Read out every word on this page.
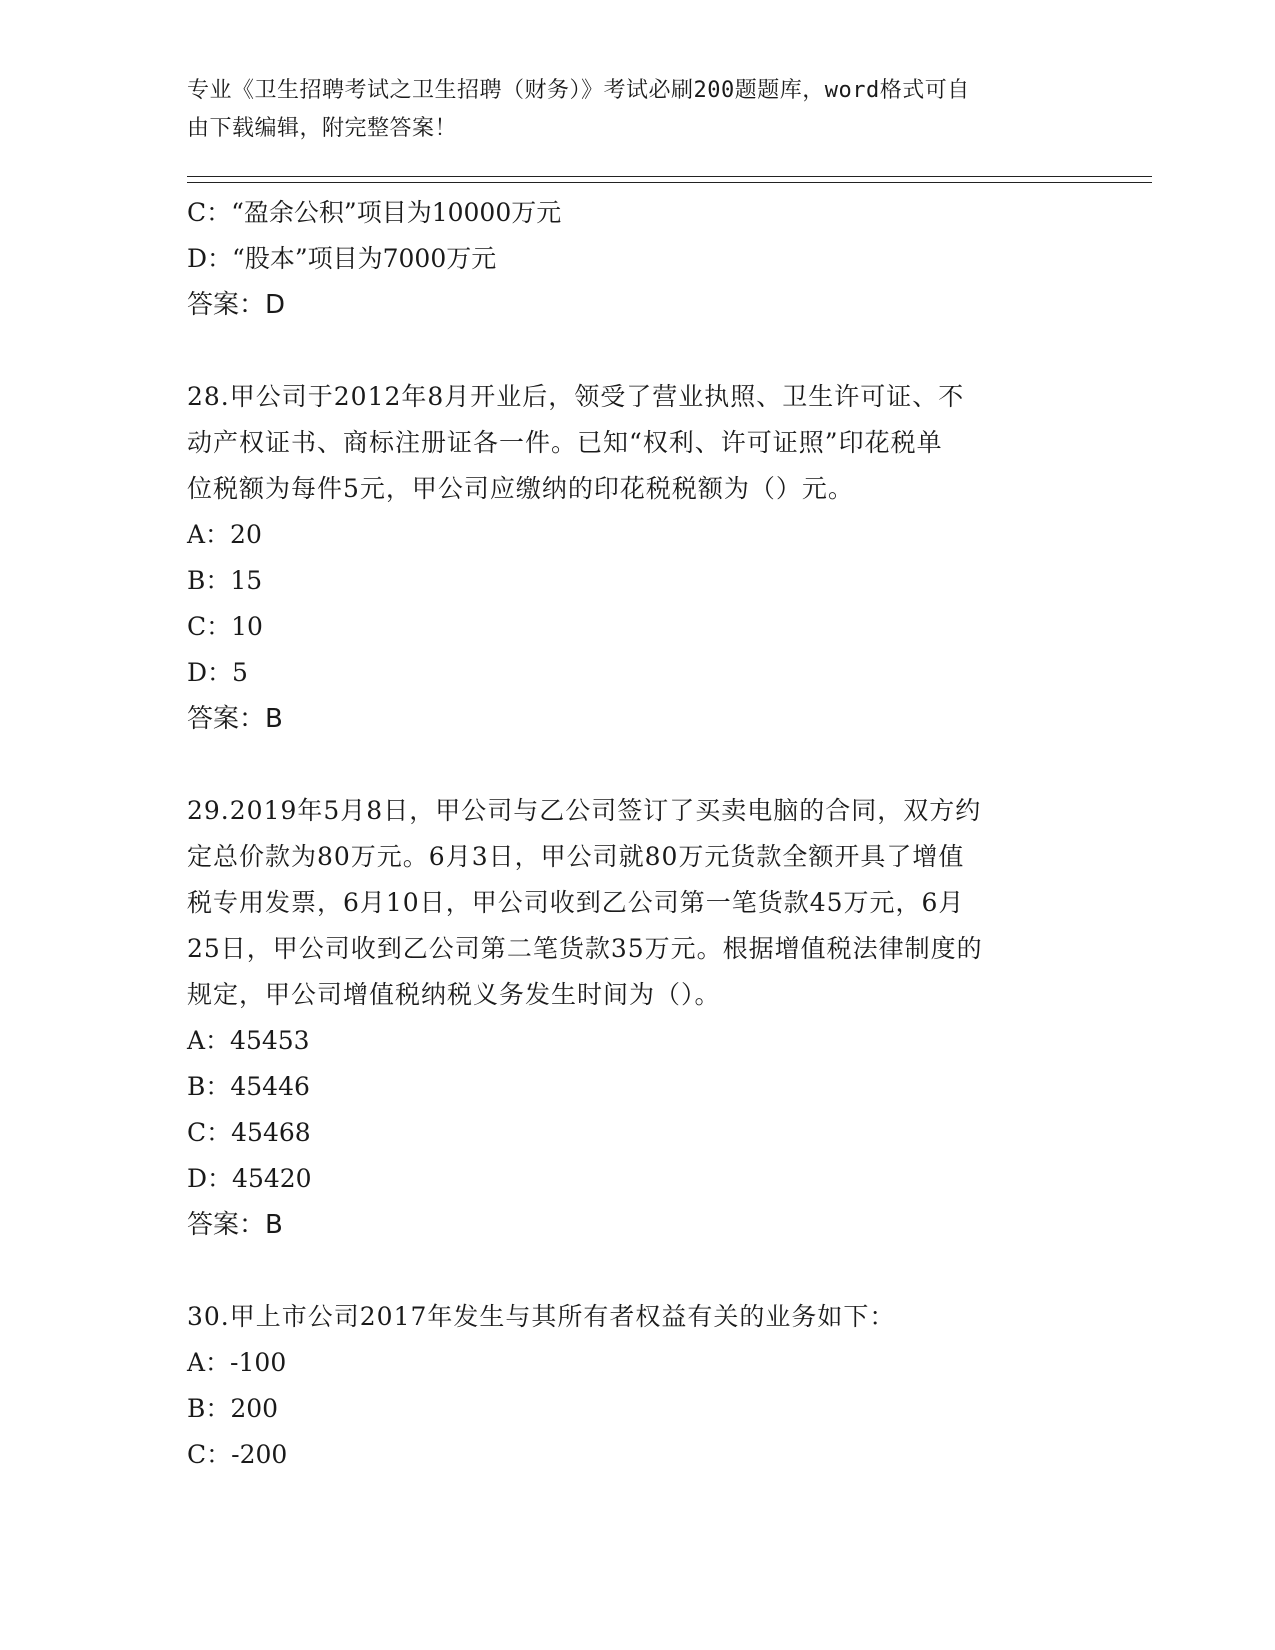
专业《卫生招聘考试之卫生招聘（财务）》考试必刷200题题库，word格式可自
由下载编辑，附完整答案！
C：“盈余公积”项目为10000万元
D：“股本”项目为7000万元
答案：D
28.甲公司于2012年8月开业后，领受了营业执照、卫生许可证、不
动产权证书、商标注册证各一件。已知“权利、许可证照”印花税单
位税额为每件5元，甲公司应缴纳的印花税税额为（）元。
A：20
B：15
C：10
D：5
答案：B
29.2019年5月8日，甲公司与乙公司签订了买卖电脑的合同，双方约
定总价款为80万元。6月3日，甲公司就80万元货款全额开具了增值
税专用发票，6月10日，甲公司收到乙公司第一笔货款45万元，6月
25日，甲公司收到乙公司第二笔货款35万元。根据增值税法律制度的
规定，甲公司增值税纳税义务发生时间为（）。
A：45453
B：45446
C：45468
D：45420
答案：B
30.甲上市公司2017年发生与其所有者权益有关的业务如下：
A：-100
B：200
C：-200
